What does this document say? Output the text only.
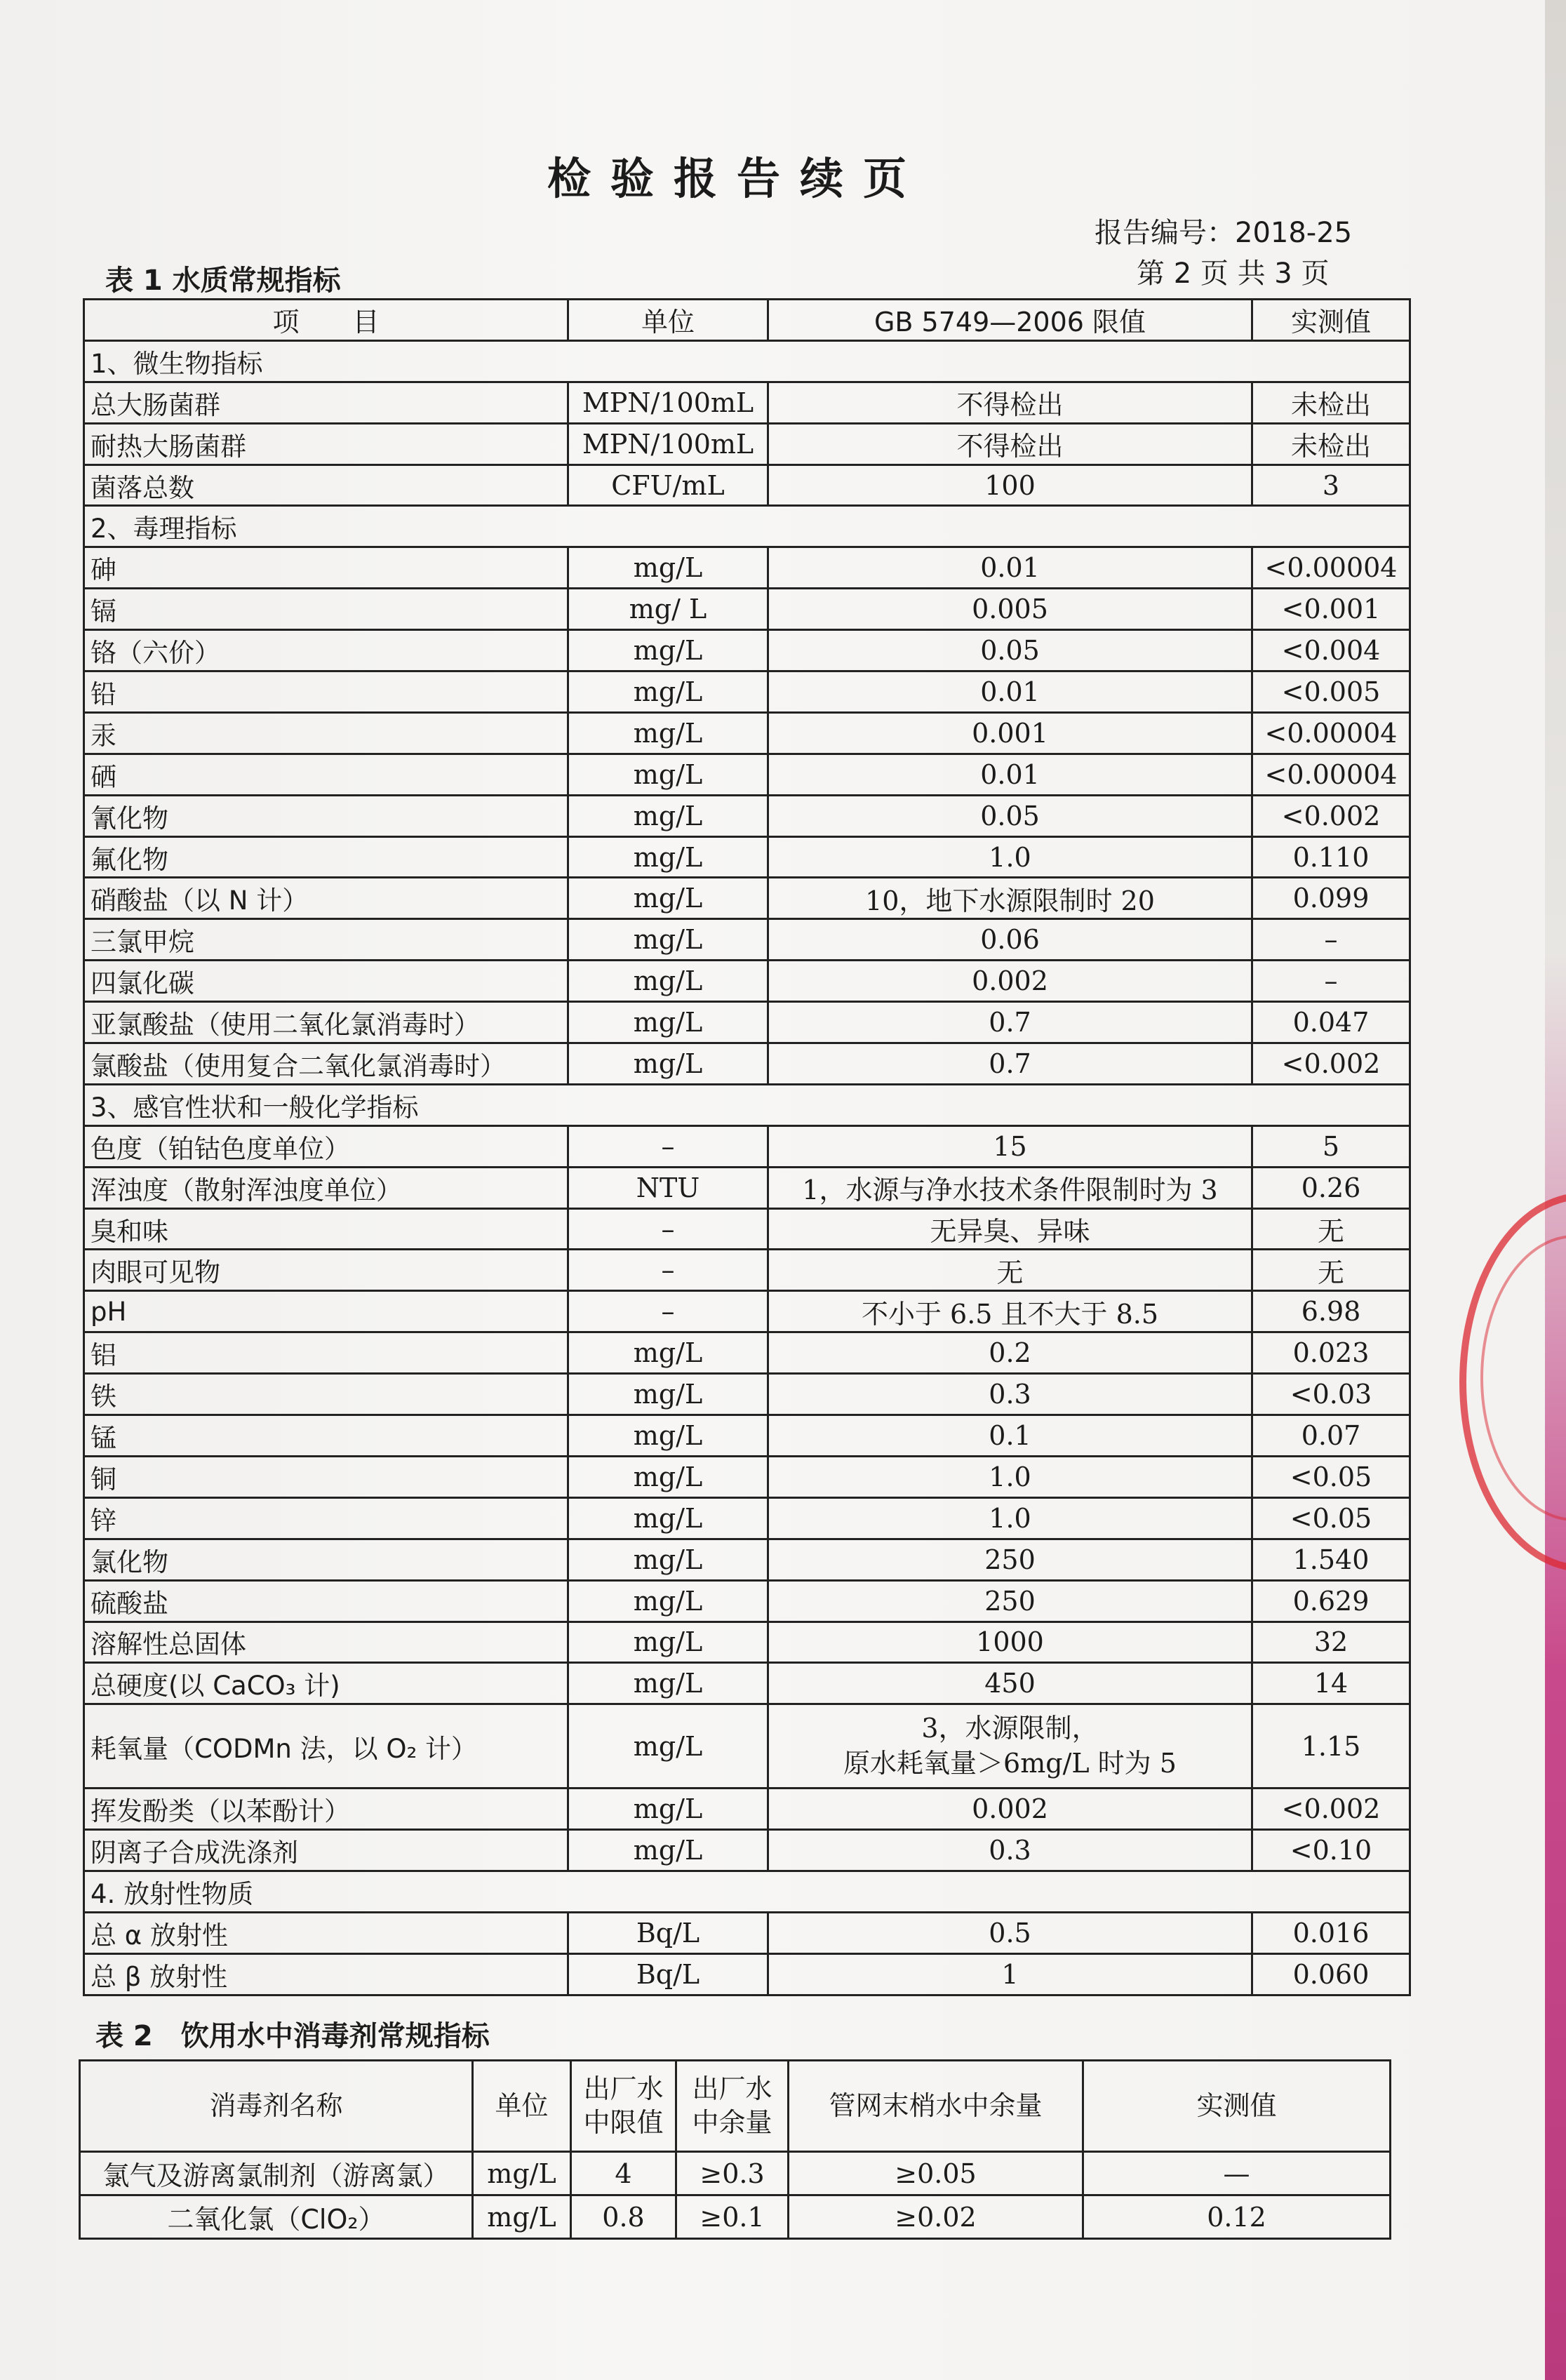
检验报告续页
报告编号：2018-25
第 2 页 共 3 页
表 1 水质常规指标
项　　目	单位	GB 5749—2006 限值	实测值
1、微生物指标			
总大肠菌群	MPN/100mL	不得检出	未检出
耐热大肠菌群	MPN/100mL	不得检出	未检出
菌落总数	CFU/mL	100	3
2、毒理指标			
砷	mg/L	0.01	<0.00004
镉	mg/ L	0.005	<0.001
铬（六价）	mg/L	0.05	<0.004
铅	mg/L	0.01	<0.005
汞	mg/L	0.001	<0.00004
硒	mg/L	0.01	<0.00004
氰化物	mg/L	0.05	<0.002
氟化物	mg/L	1.0	0.110
硝酸盐（以 N 计）	mg/L	10，地下水源限制时 20	0.099
三氯甲烷	mg/L	0.06	–
四氯化碳	mg/L	0.002	–
亚氯酸盐（使用二氧化氯消毒时）	mg/L	0.7	0.047
氯酸盐（使用复合二氧化氯消毒时）	mg/L	0.7	<0.002
3、感官性状和一般化学指标			
色度（铂钴色度单位）	–	15	5
浑浊度（散射浑浊度单位）	NTU	1，水源与净水技术条件限制时为 3	0.26
臭和味	–	无异臭、异味	无
肉眼可见物	–	无	无
pH	–	不小于 6.5 且不大于 8.5	6.98
铝	mg/L	0.2	0.023
铁	mg/L	0.3	<0.03
锰	mg/L	0.1	0.07
铜	mg/L	1.0	<0.05
锌	mg/L	1.0	<0.05
氯化物	mg/L	250	1.540
硫酸盐	mg/L	250	0.629
溶解性总固体	mg/L	1000	32
总硬度(以 CaCO₃ 计)	mg/L	450	14
耗氧量（CODMn 法，以 O₂ 计）	mg/L	3，水源限制，
原水耗氧量＞6mg/L 时为 5	1.15
挥发酚类（以苯酚计）	mg/L	0.002	<0.002
阴离子合成洗涤剂	mg/L	0.3	<0.10
4. 放射性物质			
总 α 放射性	Bq/L	0.5	0.016
总 β 放射性	Bq/L	1	0.060
表 2　饮用水中消毒剂常规指标
消毒剂名称	单位	出厂水中限值	出厂水中余量	管网末梢水中余量	实测值
氯气及游离氯制剂（游离氯）	mg/L	4	≥0.3	≥0.05	—
二氧化氯（ClO₂）	mg/L	0.8	≥0.1	≥0.02	0.12
